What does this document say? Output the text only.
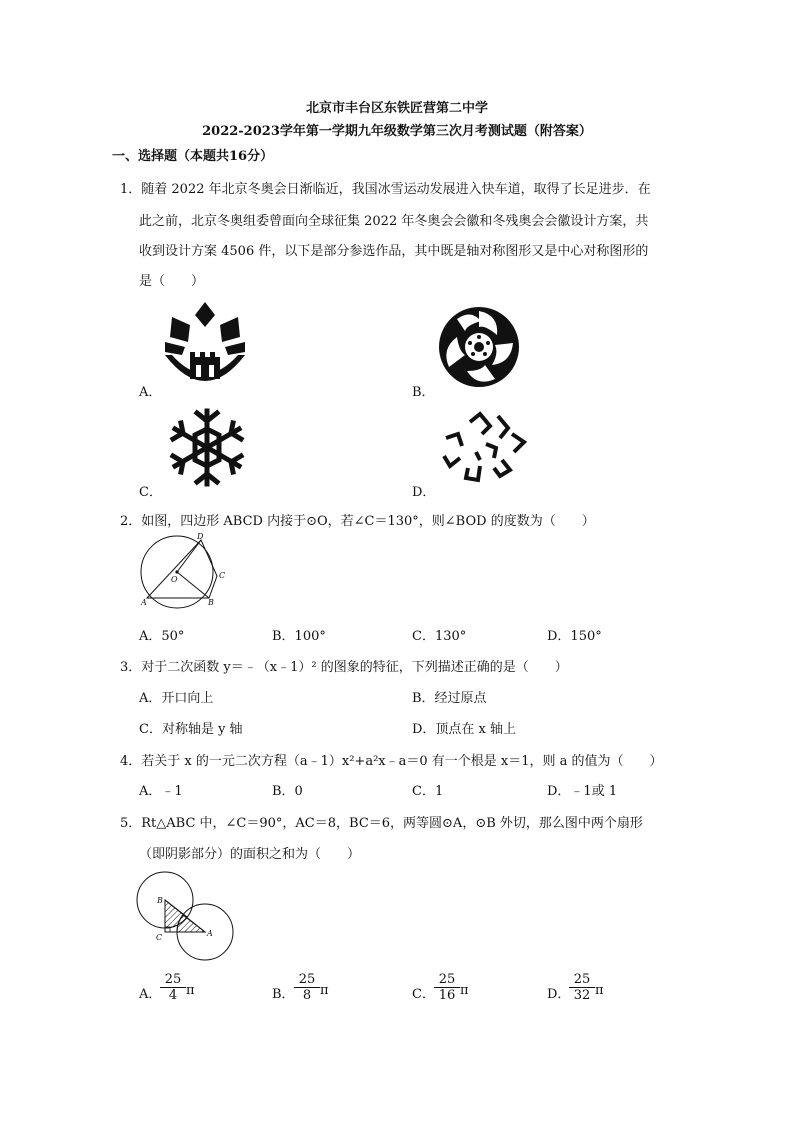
北京市丰台区东铁匠营第二中学
2022-2023学年第一学期九年级数学第三次月考测试题（附答案）
一、选择题（本题共16分）
1．随着 2022 年北京冬奥会日渐临近，我国冰雪运动发展进入快车道，取得了长足进步．在
此之前，北京冬奥组委曾面向全球征集 2022 年冬奥会会徽和冬残奥会会徽设计方案，共
收到设计方案 4506 件，以下是部分参选作品，其中既是轴对称图形又是中心对称图形的
是（　　）
A．	B．
C．	D．
2．如图，四边形 ABCD 内接于⊙O，若∠C＝130°，则∠BOD 的度数为（　　）
D
O	C
A	B
A．50°	B．100°	C．130°	D．150°
3．对于二次函数 y＝﹣（x﹣1）² 的图象的特征，下列描述正确的是（　　）
A．开口向上	B．经过原点
C．对称轴是 y 轴	D．顶点在 x 轴上
4．若关于 x 的一元二次方程（a﹣1）x²+a²x﹣a＝0 有一个根是 x＝1，则 a 的值为（　　）
A．﹣1	B．0	C．1	D．﹣1或 1
5．Rt△ABC 中，∠C＝90°，AC＝8，BC＝6，两等圆⊙A，⊙B 外切，那么图中两个扇形
（即阴影部分）的面积之和为（　　）
B
C	A
A．
$\frac{25}{4}$ π	B． $\frac{25}{8}$ π	C． $\frac{25}{16}$ π	D．
$\frac{25}{32}$ π
